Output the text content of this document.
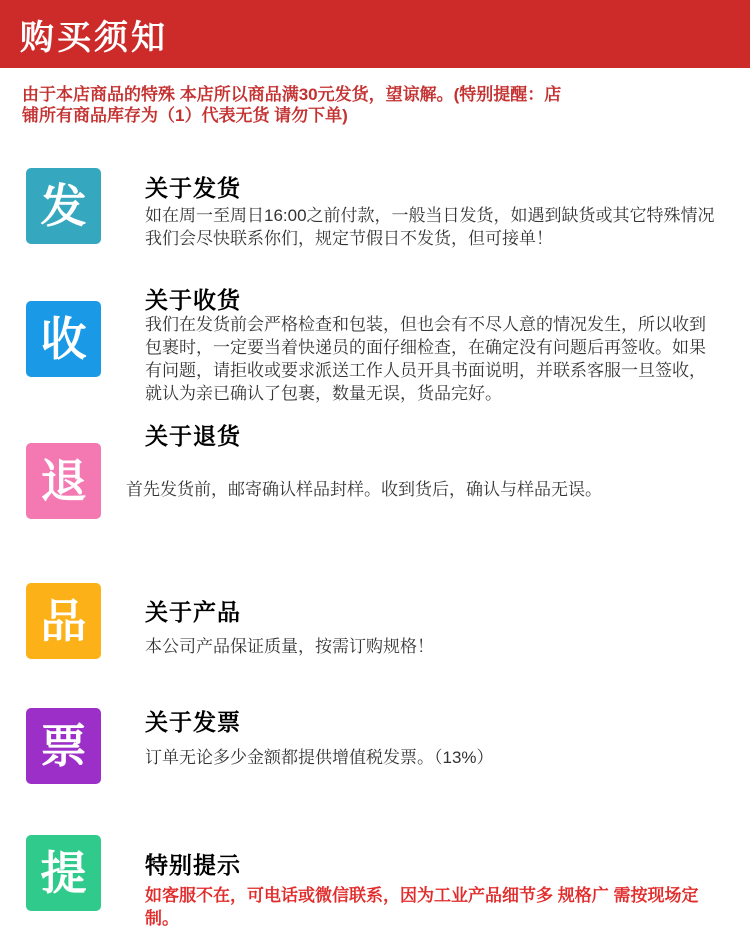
购买须知
由于本店商品的特殊 本店所以商品满30元发货，望谅解。(特别提醒：店铺所有商品库存为（1）代表无货 请勿下单)
发	关于发货
如在周一至周日16:00之前付款，一般当日发货，如遇到缺货或其它特殊情况我们会尽快联系你们，规定节假日不发货，但可接单！
收
关于收货
我们在发货前会严格检查和包装，但也会有不尽人意的情况发生，所以收到包裹时，一定要当着快递员的面仔细检查，在确定没有问题后再签收。如果有问题，请拒收或要求派送工作人员开具书面说明，并联系客服一旦签收，就认为亲已确认了包裹，数量无误，货品完好。
退
关于退货
首先发货前，邮寄确认样品封样。收到货后，确认与样品无误。
品	关于产品
本公司产品保证质量，按需订购规格！
票	关于发票
订单无论多少金额都提供增值税发票。（13%）
提	特别提示
如客服不在，可电话或微信联系，因为工业产品细节多 规格广 需按现场定制。
